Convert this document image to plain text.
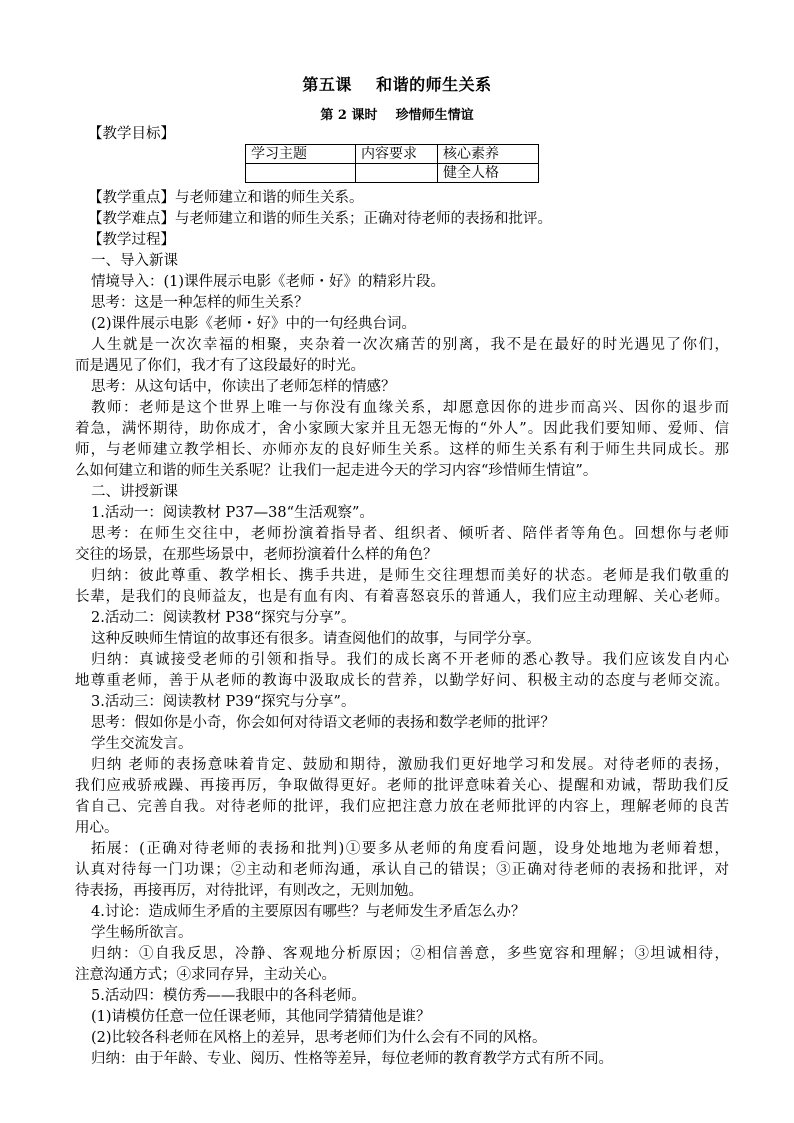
第五课    和谐的师生关系
第 2 课时    珍惜师生情谊
【教学目标】
学习主题	内容要求	核心素养
		健全人格
【教学重点】与老师建立和谐的师生关系。
【教学难点】与老师建立和谐的师生关系；正确对待老师的表扬和批评。
【教学过程】
一、导入新课
情境导入：(1)课件展示电影《老师・好》的精彩片段。
思考：这是一种怎样的师生关系？
(2)课件展示电影《老师・好》中的一句经典台词。
人生就是一次次幸福的相聚，夹杂着一次次痛苦的别离，我不是在最好的时光遇见了你们，
而是遇见了你们，我才有了这段最好的时光。
思考：从这句话中，你读出了老师怎样的情感？
教师：老师是这个世界上唯一与你没有血缘关系，却愿意因你的进步而高兴、因你的退步而
着急，满怀期待，助你成才，舍小家顾大家并且无怨无悔的“外人”。因此我们要知师、爱师、信
师，与老师建立教学相长、亦师亦友的良好师生关系。这样的师生关系有利于师生共同成长。那
么如何建立和谐的师生关系呢？让我们一起走进今天的学习内容“珍惜师生情谊”。
二、讲授新课
1.活动一：阅读教材 P37—38“生活观察”。
思考：在师生交往中，老师扮演着指导者、组织者、倾听者、陪伴者等角色。回想你与老师
交往的场景，在那些场景中，老师扮演着什么样的角色？
归纳：彼此尊重、教学相长、携手共进，是师生交往理想而美好的状态。老师是我们敬重的
长辈，是我们的良师益友，也是有血有肉、有着喜怒哀乐的普通人，我们应主动理解、关心老师。
2.活动二：阅读教材 P38“探究与分享”。
这种反映师生情谊的故事还有很多。请查阅他们的故事，与同学分享。
归纳：真诚接受老师的引领和指导。我们的成长离不开老师的悉心教导。我们应该发自内心
地尊重老师，善于从老师的教诲中汲取成长的营养，以勤学好问、积极主动的态度与老师交流。
3.活动三：阅读教材 P39“探究与分享”。
思考：假如你是小奇，你会如何对待语文老师的表扬和数学老师的批评？
学生交流发言。
归纳 老师的表扬意味着肯定、鼓励和期待，激励我们更好地学习和发展。对待老师的表扬，
我们应戒骄戒躁、再接再厉，争取做得更好。老师的批评意味着关心、提醒和劝诫，帮助我们反
省自己、完善自我。对待老师的批评，我们应把注意力放在老师批评的内容上，理解老师的良苦
用心。
拓展：(正确对待老师的表扬和批判)①要多从老师的角度看问题，设身处地地为老师着想，
认真对待每一门功课；②主动和老师沟通，承认自己的错误；③正确对待老师的表扬和批评，对
待表扬，再接再厉，对待批评，有则改之，无则加勉。
4.讨论：造成师生矛盾的主要原因有哪些？与老师发生矛盾怎么办？
学生畅所欲言。
归纳：①自我反思，冷静、客观地分析原因；②相信善意，多些宽容和理解；③坦诚相待，
注意沟通方式；④求同存异，主动关心。
5.活动四：模仿秀——我眼中的各科老师。
(1)请模仿任意一位任课老师，其他同学猜猜他是谁？
(2)比较各科老师在风格上的差异，思考老师们为什么会有不同的风格。
归纳：由于年龄、专业、阅历、性格等差异，每位老师的教育教学方式有所不同。
